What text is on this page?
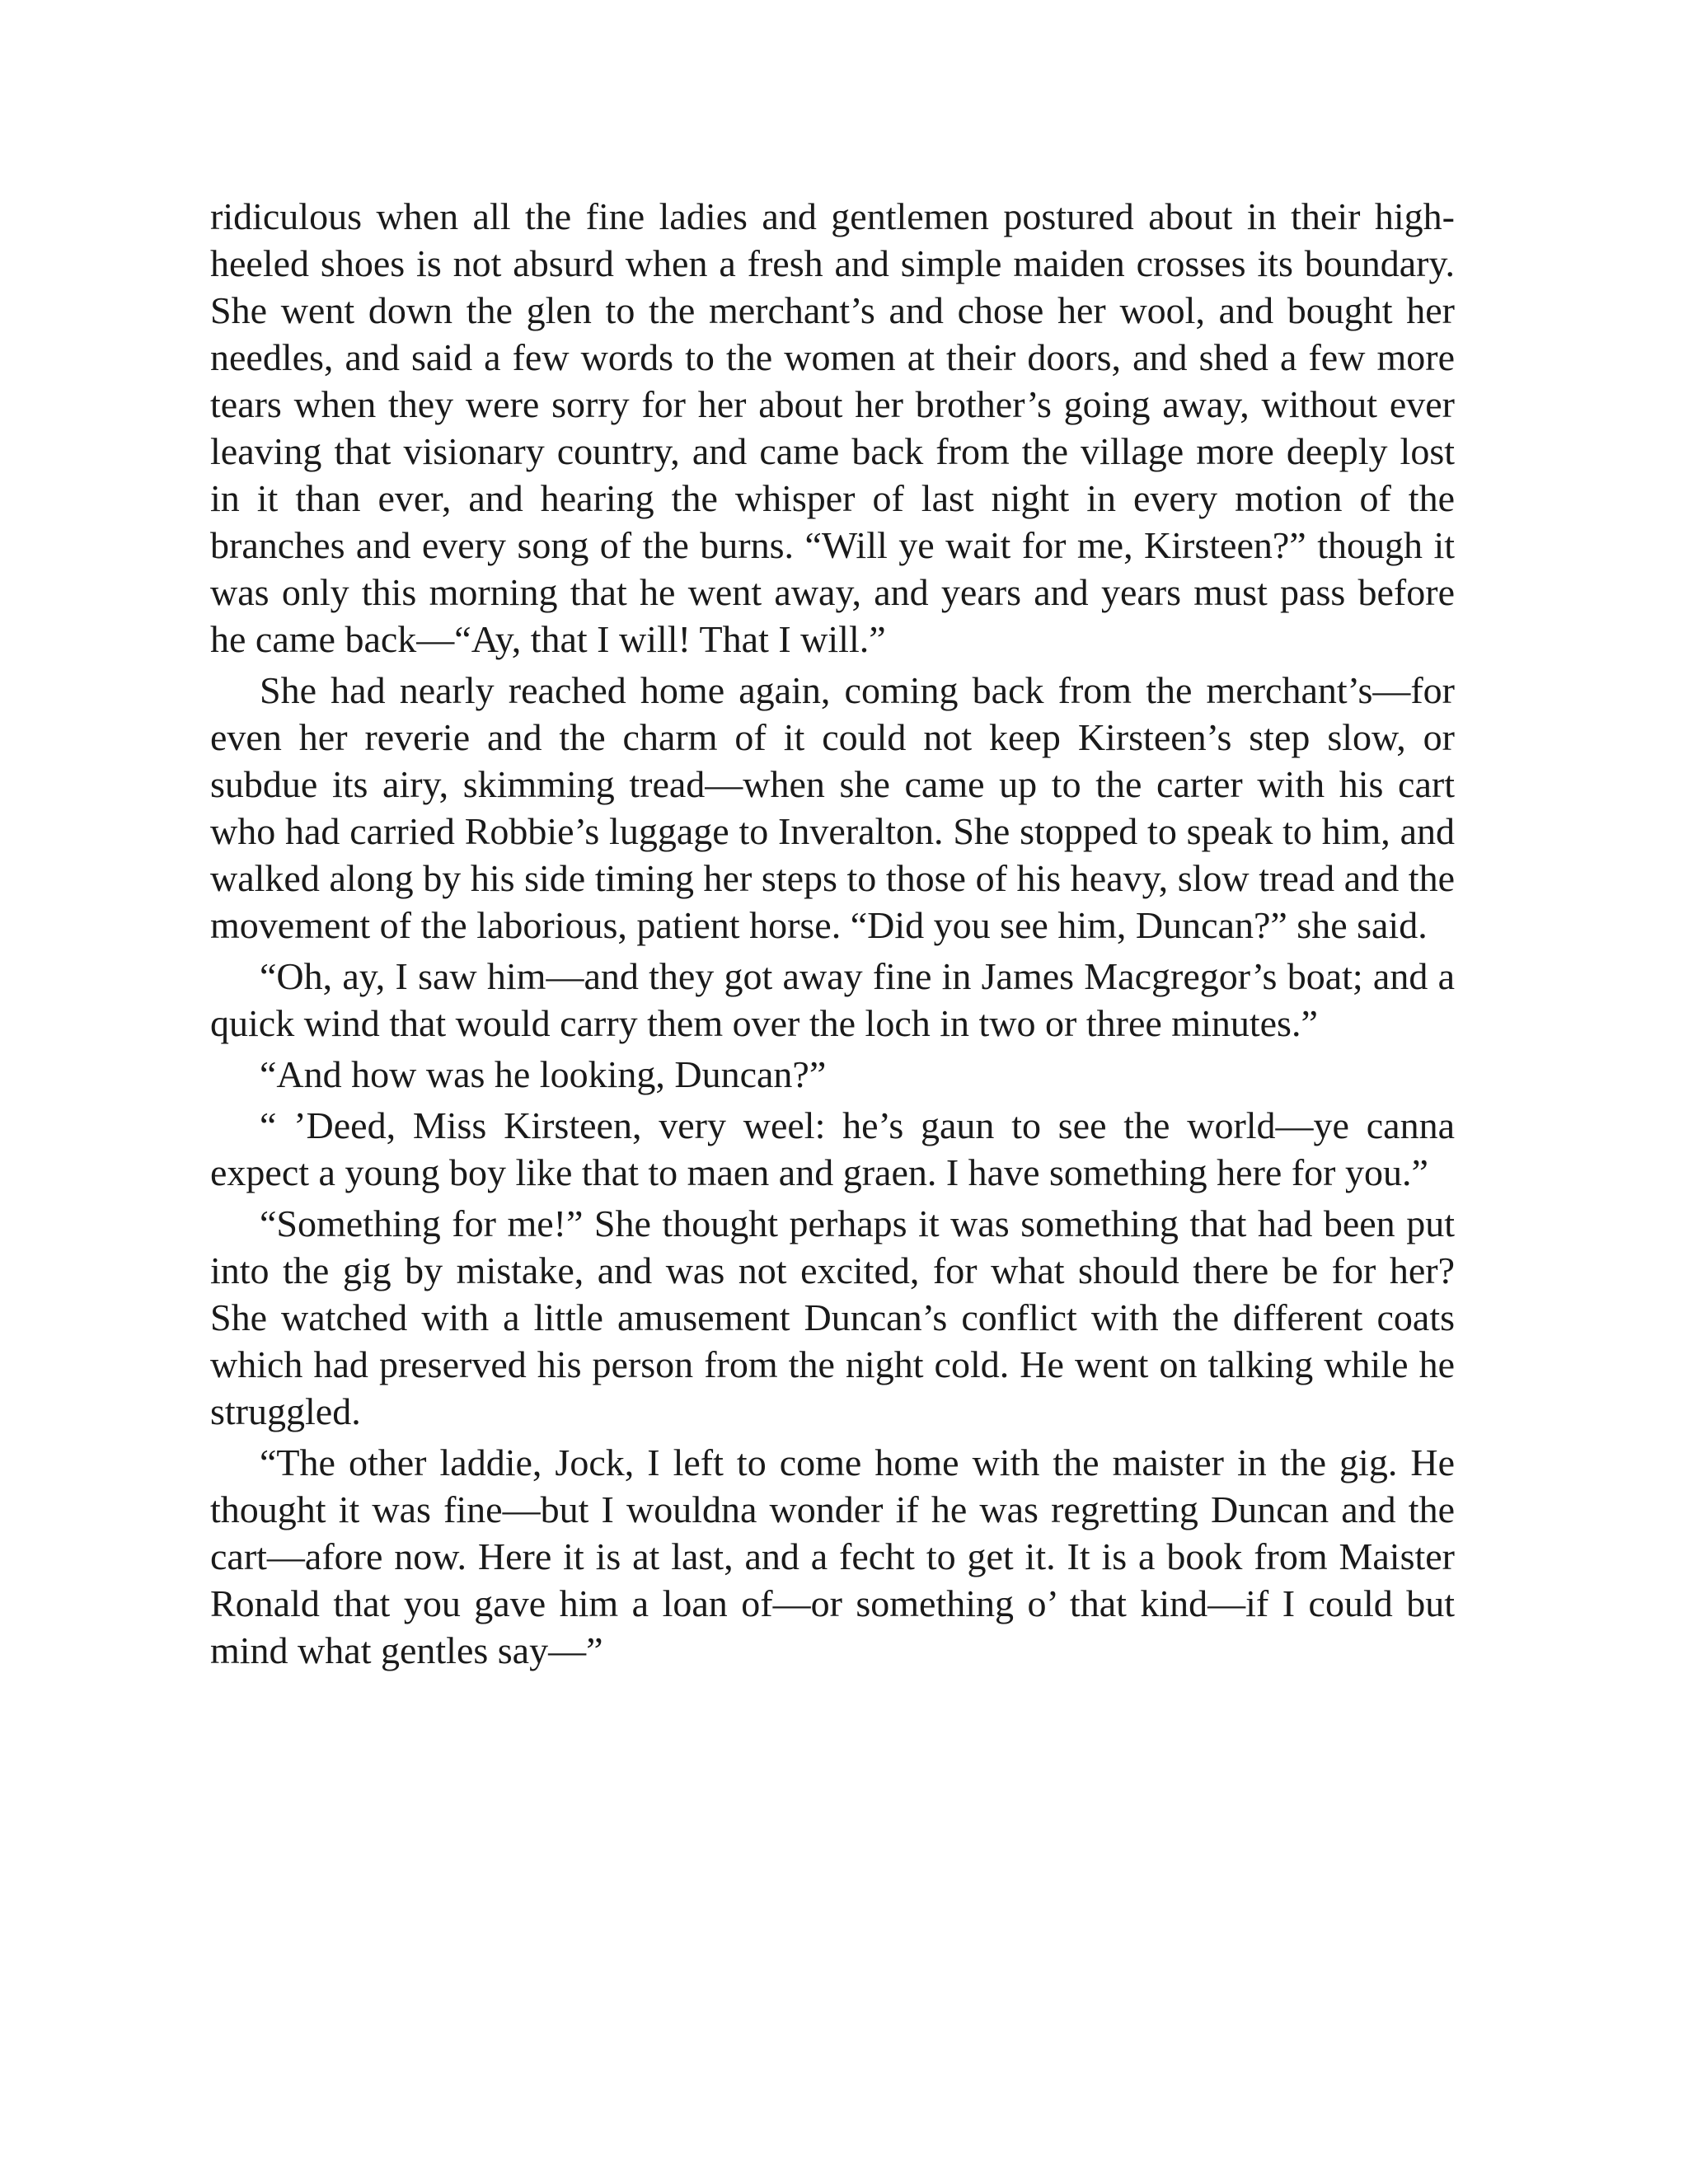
ridiculous when all the fine ladies and gentlemen postured about in their high-heeled shoes is not absurd when a fresh and simple maiden crosses its boundary. She went down the glen to the merchant’s and chose her wool, and bought her needles, and said a few words to the women at their doors, and shed a few more tears when they were sorry for her about her brother’s going away, without ever leaving that visionary country, and came back from the village more deeply lost in it than ever, and hearing the whisper of last night in every motion of the branches and every song of the burns. “Will ye wait for me, Kirsteen?” though it was only this morning that he went away, and years and years must pass before he came back—“Ay, that I will! That I will.”

She had nearly reached home again, coming back from the merchant’s—for even her reverie and the charm of it could not keep Kirsteen’s step slow, or subdue its airy, skimming tread—when she came up to the carter with his cart who had carried Robbie’s luggage to Inveralton. She stopped to speak to him, and walked along by his side timing her steps to those of his heavy, slow tread and the movement of the laborious, patient horse. “Did you see him, Duncan?” she said.

“Oh, ay, I saw him—and they got away fine in James Macgregor’s boat; and a quick wind that would carry them over the loch in two or three minutes.”

“And how was he looking, Duncan?”

“ ’Deed, Miss Kirsteen, very weel: he’s gaun to see the world—ye canna expect a young boy like that to maen and graen. I have something here for you.”

“Something for me!” She thought perhaps it was something that had been put into the gig by mistake, and was not excited, for what should there be for her? She watched with a little amusement Duncan’s conflict with the different coats which had preserved his person from the night cold. He went on talking while he struggled.

“The other laddie, Jock, I left to come home with the maister in the gig. He thought it was fine—but I wouldna wonder if he was regretting Duncan and the cart—afore now. Here it is at last, and a fecht to get it. It is a book from Maister Ronald that you gave him a loan of—or something o’ that kind—if I could but mind what gentles say—”
